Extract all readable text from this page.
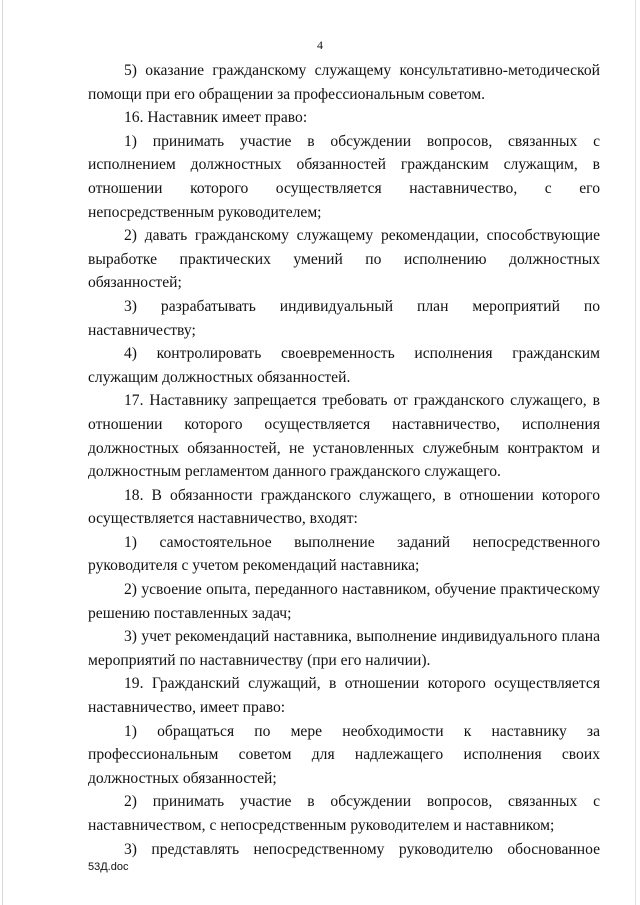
4

5) оказание гражданскому служащему консультативно-методической помощи при его обращении за профессиональным советом.

16. Наставник имеет право:

1) принимать участие в обсуждении вопросов, связанных с исполнением должностных обязанностей гражданским служащим, в отношении которого осуществляется наставничество, с его непосредственным руководителем;

2) давать гражданскому служащему рекомендации, способствующие выработке практических умений по исполнению должностных обязанностей;

3) разрабатывать индивидуальный план мероприятий по наставничеству;

4) контролировать своевременность исполнения гражданским служащим должностных обязанностей.

17. Наставнику запрещается требовать от гражданского служащего, в отношении которого осуществляется наставничество, исполнения должностных обязанностей, не установленных служебным контрактом и должностным регламентом данного гражданского служащего.

18. В обязанности гражданского служащего, в отношении которого осуществляется наставничество, входят:

1) самостоятельное выполнение заданий непосредственного руководителя с учетом рекомендаций наставника;

2) усвоение опыта, переданного наставником, обучение практическому решению поставленных задач;

3) учет рекомендаций наставника, выполнение индивидуального плана мероприятий по наставничеству (при его наличии).

19. Гражданский служащий, в отношении которого осуществляется наставничество, имеет право:

1) обращаться по мере необходимости к наставнику за профессиональным советом для надлежащего исполнения своих должностных обязанностей;

2) принимать участие в обсуждении вопросов, связанных с наставничеством, с непосредственным руководителем и наставником;

3) представлять непосредственному руководителю обоснованное

53Д.doc
